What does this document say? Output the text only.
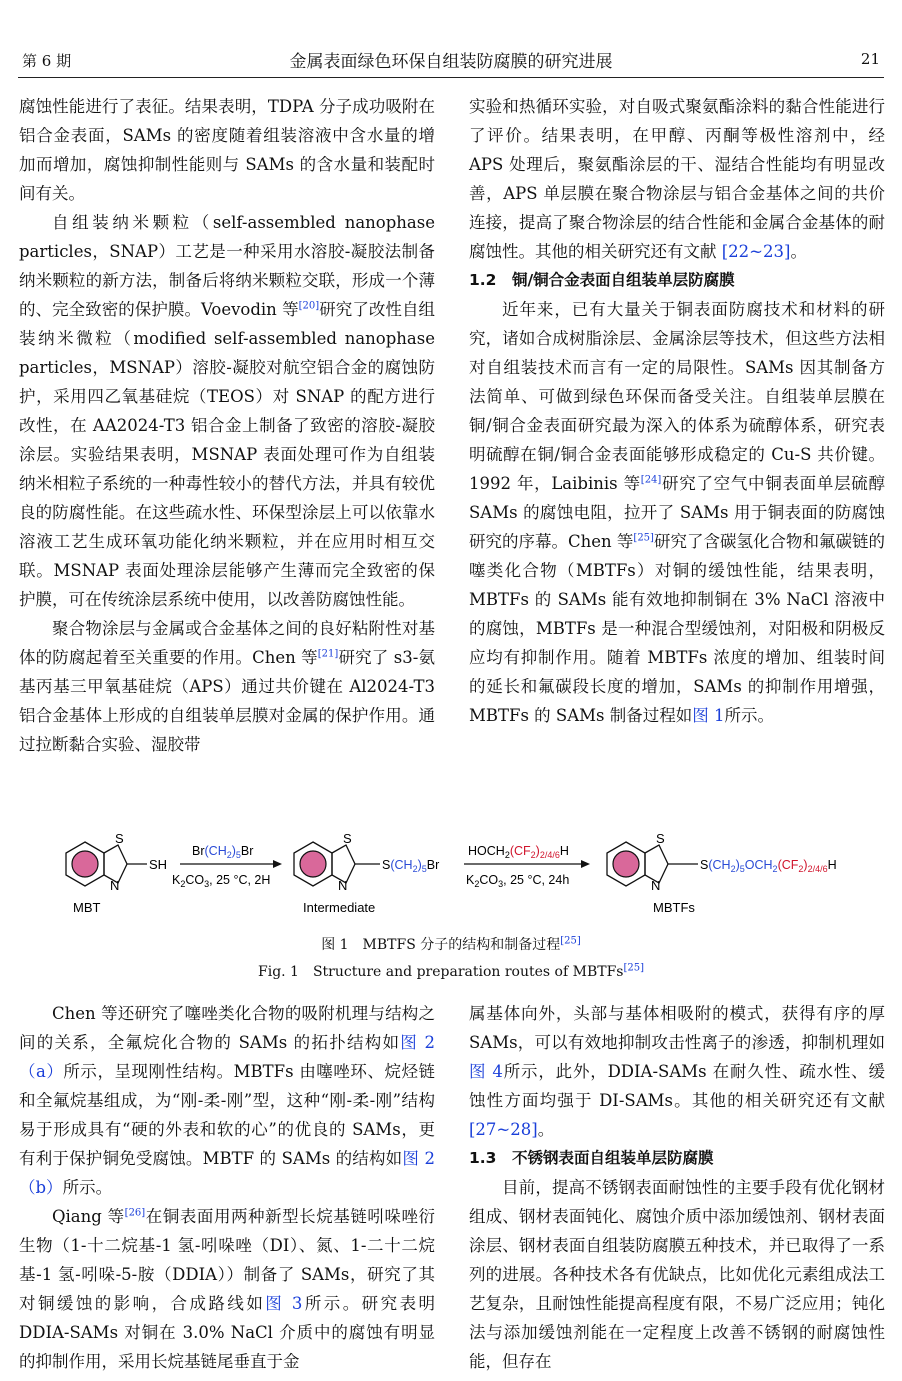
第 6 期	金属表面绿色环保自组装防腐膜的研究进展	21

腐蚀性能进行了表征。结果表明，TDPA 分子成功吸附在铝合金表面，SAMs 的密度随着组装溶液中含水量的增加而增加，腐蚀抑制性能则与 SAMs 的含水量和装配时间有关。

自组装纳米颗粒（self-assembled nanophase particles，SNAP）工艺是一种采用水溶胶-凝胶法制备纳米颗粒的新方法，制备后将纳米颗粒交联，形成一个薄的、完全致密的保护膜。Voevodin 等[20]研究了改性自组装纳米微粒（modified self-assembled nanophase particles，MSNAP）溶胶-凝胶对航空铝合金的腐蚀防护，采用四乙氧基硅烷（TEOS）对 SNAP 的配方进行改性，在 AA2024-T3 铝合金上制备了致密的溶胶-凝胶涂层。实验结果表明，MSNAP 表面处理可作为自组装纳米相粒子系统的一种毒性较小的替代方法，并具有较优良的防腐性能。在这些疏水性、环保型涂层上可以依靠水溶液工艺生成环氧功能化纳米颗粒，并在应用时相互交联。MSNAP 表面处理涂层能够产生薄而完全致密的保护膜，可在传统涂层系统中使用，以改善防腐蚀性能。

聚合物涂层与金属或合金基体之间的良好粘附性对基体的防腐起着至关重要的作用。Chen 等[21]研究了 s3-氨基丙基三甲氧基硅烷（APS）通过共价键在 Al2024-T3 铝合金基体上形成的自组装单层膜对金属的保护作用。通过拉断黏合实验、湿胶带

实验和热循环实验，对自吸式聚氨酯涂料的黏合性能进行了评价。结果表明，在甲醇、丙酮等极性溶剂中，经 APS 处理后，聚氨酯涂层的干、湿结合性能均有明显改善，APS 单层膜在聚合物涂层与铝合金基体之间的共价连接，提高了聚合物涂层的结合性能和金属合金基体的耐腐蚀性。其他的相关研究还有文献 [22~23]。

1.2　铜/铜合金表面自组装单层防腐膜

近年来，已有大量关于铜表面防腐技术和材料的研究，诸如合成树脂涂层、金属涂层等技术，但这些方法相对自组装技术而言有一定的局限性。SAMs 因其制备方法简单、可做到绿色环保而备受关注。自组装单层膜在铜/铜合金表面研究最为深入的体系为硫醇体系，研究表明硫醇在铜/铜合金表面能够形成稳定的 Cu-S 共价键。1992 年，Laibinis 等[24]研究了空气中铜表面单层硫醇 SAMs 的腐蚀电阻，拉开了 SAMs 用于铜表面的防腐蚀研究的序幕。Chen 等[25]研究了含碳氢化合物和氟碳链的噻类化合物（MBTFs）对铜的缓蚀性能，结果表明，MBTFs 的 SAMs 能有效地抑制铜在 3% NaCl 溶液中的腐蚀，MBTFs 是一种混合型缓蚀剂，对阳极和阴极反应均有抑制作用。随着 MBTFs 浓度的增加、组装时间的延长和氟碳段长度的增加，SAMs 的抑制作用增强，MBTFs 的 SAMs 制备过程如图 1所示。

S
N
SH
MBT
$Br(CH_2)_5Br$
$K_2CO_3$, 25 °C, 2H
S
N
$S(CH_2)_5Br$
Intermediate
$HOCH_2(CF_2)_{2/4/6}H$
$K_2CO_3$, 25 °C, 24h
S
N
$S(CH_2)_5OCH_2(CF_2)_{2/4/6}H$
MBTFs
图 1　MBTFS 分子的结构和制备过程[25]
Fig. 1　Structure and preparation routes of MBTFs[25]

Chen 等还研究了噻唑类化合物的吸附机理与结构之间的关系，全氟烷化合物的 SAMs 的拓扑结构如图 2（a）所示，呈现刚性结构。MBTFs 由噻唑环、烷烃链和全氟烷基组成，为“刚-柔-刚”型，这种“刚-柔-刚”结构易于形成具有“硬的外表和软的心”的优良的 SAMs，更有利于保护铜免受腐蚀。MBTF 的 SAMs 的结构如图 2（b）所示。

Qiang 等[26]在铜表面用两种新型长烷基链吲哚唑衍生物（1-十二烷基-1 氢-吲哚唑（DI）、氮、1-二十二烷基-1 氢-吲哚-5-胺（DDIA））制备了 SAMs，研究了其对铜缓蚀的影响，合成路线如图 3所示。研究表明 DDIA-SAMs 对铜在 3.0% NaCl 介质中的腐蚀有明显的抑制作用，采用长烷基链尾垂直于金

属基体向外，头部与基体相吸附的模式，获得有序的厚 SAMs，可以有效地抑制攻击性离子的渗透，抑制机理如图 4所示，此外，DDIA-SAMs 在耐久性、疏水性、缓蚀性方面均强于 DI-SAMs。其他的相关研究还有文献 [27~28]。

1.3　不锈钢表面自组装单层防腐膜

目前，提高不锈钢表面耐蚀性的主要手段有优化钢材组成、钢材表面钝化、腐蚀介质中添加缓蚀剂、钢材表面涂层、钢材表面自组装防腐膜五种技术，并已取得了一系列的进展。各种技术各有优缺点，比如优化元素组成法工艺复杂，且耐蚀性能提高程度有限，不易广泛应用；钝化法与添加缓蚀剂能在一定程度上改善不锈钢的耐腐蚀性能，但存在
